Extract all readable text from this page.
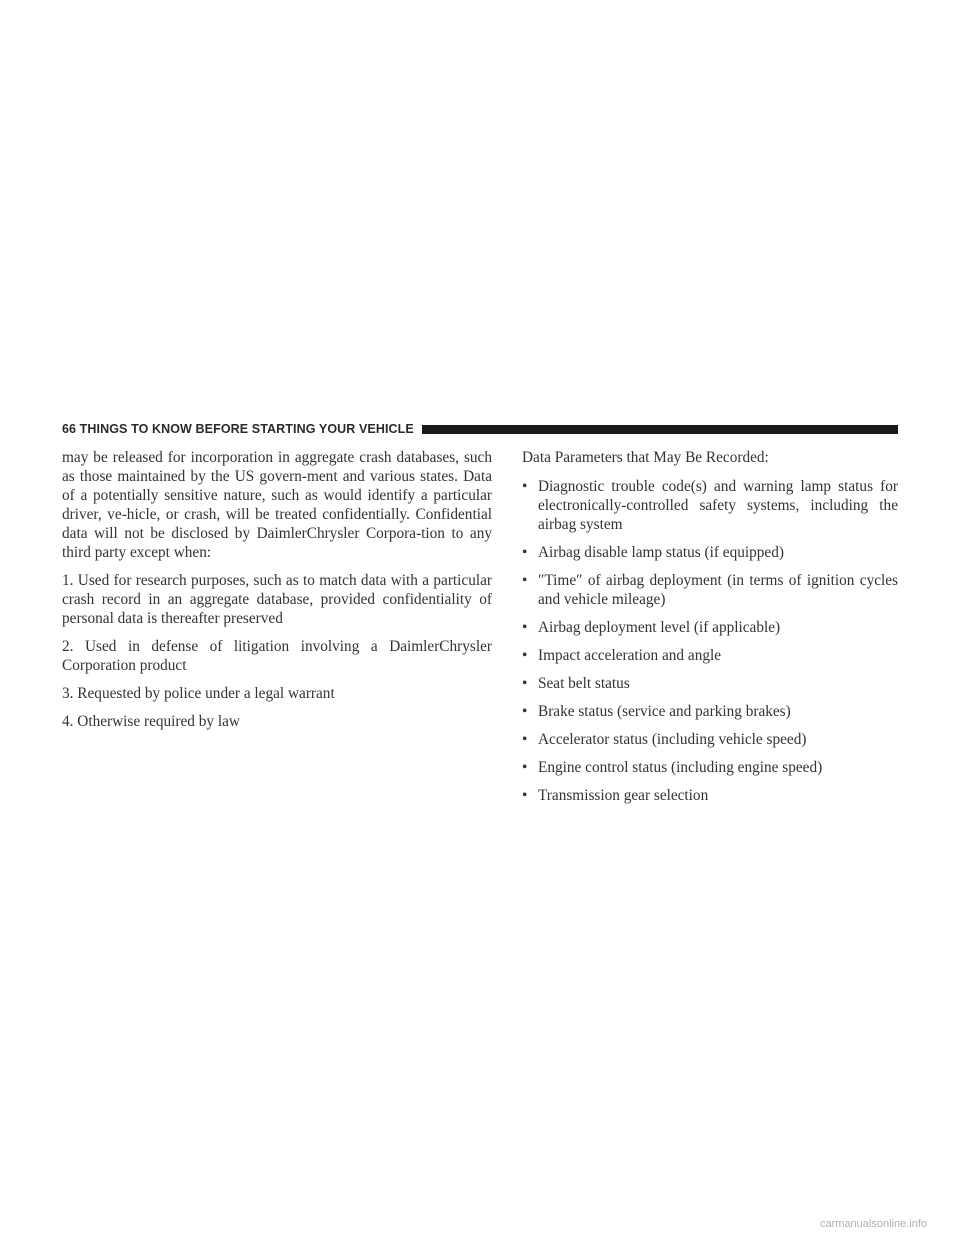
66 THINGS TO KNOW BEFORE STARTING YOUR VEHICLE

may be released for incorporation in aggregate crash databases, such as those maintained by the US govern-ment and various states. Data of a potentially sensitive nature, such as would identify a particular driver, ve-hicle, or crash, will be treated confidentially. Confidential data will not be disclosed by DaimlerChrysler Corpora-tion to any third party except when:

1. Used for research purposes, such as to match data with a particular crash record in an aggregate database, provided confidentiality of personal data is thereafter preserved

2. Used in defense of litigation involving a DaimlerChrysler Corporation product

3. Requested by police under a legal warrant

4. Otherwise required by law

Data Parameters that May Be Recorded:

• Diagnostic trouble code(s) and warning lamp status for electronically-controlled safety systems, including the airbag system
• Airbag disable lamp status (if equipped)
• ″Time″ of airbag deployment (in terms of ignition cycles and vehicle mileage)
• Airbag deployment level (if applicable)
• Impact acceleration and angle
• Seat belt status
• Brake status (service and parking brakes)
• Accelerator status (including vehicle speed)
• Engine control status (including engine speed)
• Transmission gear selection
carmanualsonline.info
